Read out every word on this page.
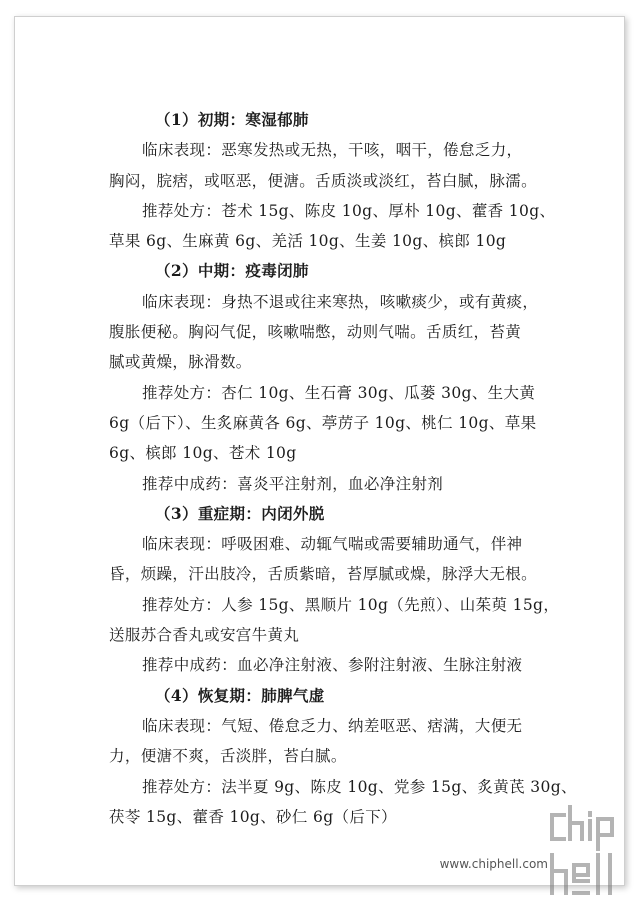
（1）初期：寒湿郁肺
临床表现：恶寒发热或无热，干咳，咽干，倦怠乏力，
胸闷，脘痞，或呕恶，便溏。舌质淡或淡红，苔白腻，脉濡。
推荐处方：苍术 15g、陈皮 10g、厚朴 10g、藿香 10g、
草果 6g、生麻黄 6g、羌活 10g、生姜 10g、槟郎 10g
（2）中期：疫毒闭肺
临床表现：身热不退或往来寒热，咳嗽痰少，或有黄痰，
腹胀便秘。胸闷气促，咳嗽喘憋，动则气喘。舌质红，苔黄
腻或黄燥，脉滑数。
推荐处方：杏仁 10g、生石膏 30g、瓜蒌 30g、生大黄
6g（后下）、生炙麻黄各 6g、葶苈子 10g、桃仁 10g、草果
6g、槟郎 10g、苍术 10g
推荐中成药：喜炎平注射剂，血必净注射剂
（3）重症期：内闭外脱
临床表现：呼吸困难、动辄气喘或需要辅助通气，伴神
昏，烦躁，汗出肢冷，舌质紫暗，苔厚腻或燥，脉浮大无根。
推荐处方：人参 15g、黑顺片 10g（先煎）、山茱萸 15g，
送服苏合香丸或安宫牛黄丸
推荐中成药：血必净注射液、参附注射液、生脉注射液
（4）恢复期：肺脾气虚
临床表现：气短、倦怠乏力、纳差呕恶、痞满，大便无
力，便溏不爽，舌淡胖，苔白腻。
推荐处方：法半夏 9g、陈皮 10g、党参 15g、炙黄芪 30g、
茯苓 15g、藿香 10g、砂仁 6g（后下）
www.chiphell.com
